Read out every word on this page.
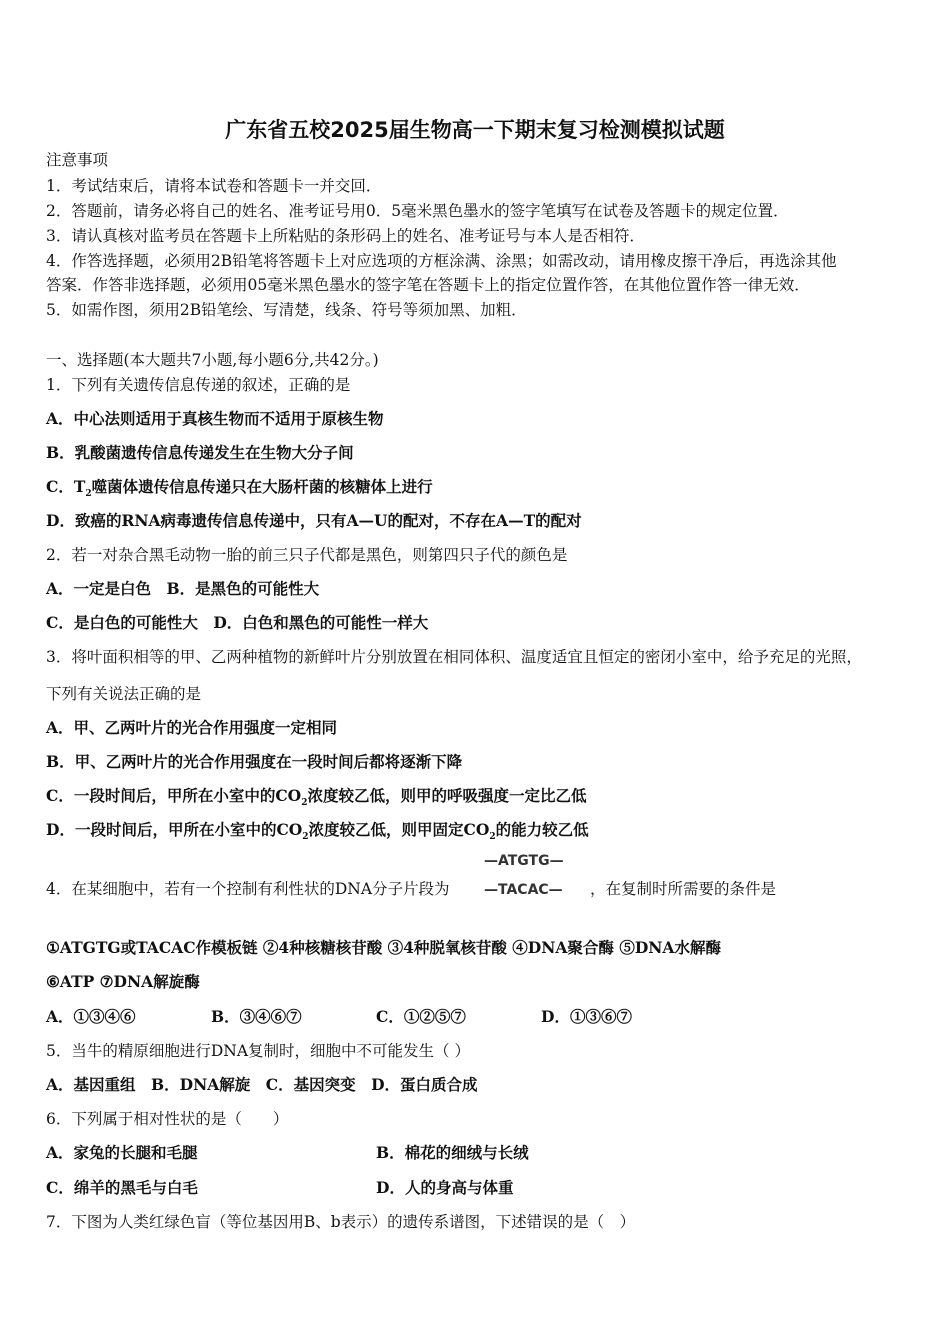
广东省五校2025届生物高一下期末复习检测模拟试题
注意事项
1．考试结束后，请将本试卷和答题卡一并交回．
2．答题前，请务必将自己的姓名、准考证号用0．5毫米黑色墨水的签字笔填写在试卷及答题卡的规定位置．
3．请认真核对监考员在答题卡上所粘贴的条形码上的姓名、准考证号与本人是否相符．
4．作答选择题，必须用2B铅笔将答题卡上对应选项的方框涂满、涂黑；如需改动，请用橡皮擦干净后，再选涂其他
答案．作答非选择题，必须用05毫米黑色墨水的签字笔在答题卡上的指定位置作答，在其他位置作答一律无效．
5．如需作图，须用2B铅笔绘、写清楚，线条、符号等须加黑、加粗．
一、选择题(本大题共7小题,每小题6分,共42分。)
1．下列有关遗传信息传递的叙述，正确的是
A．中心法则适用于真核生物而不适用于原核生物
B．乳酸菌遗传信息传递发生在生物大分子间
C．$T_2$噬菌体遗传信息传递只在大肠杆菌的核糖体上进行
D．致癌的RNA病毒遗传信息传递中，只有A—U的配对，不存在A—T的配对
2．若一对杂合黑毛动物一胎的前三只子代都是黑色，则第四只子代的颜色是
A．一定是白色　B．是黑色的可能性大
C．是白色的可能性大　D．白色和黑色的可能性一样大
3．将叶面积相等的甲、乙两种植物的新鲜叶片分别放置在相同体积、温度适宜且恒定的密闭小室中，给予充足的光照，
下列有关说法正确的是
A．甲、乙两叶片的光合作用强度一定相同
B．甲、乙两叶片的光合作用强度在一段时间后都将逐渐下降
C．一段时间后，甲所在小室中的$CO_2$浓度较乙低，则甲的呼吸强度一定比乙低
D．一段时间后，甲所在小室中的$CO_2$浓度较乙低，则甲固定$CO_2$的能力较乙低
—ATGTG—
4．在某细胞中，若有一个控制有利性状的DNA分子片段为	—TACAC— ，在复制时所需要的条件是
①ATGTG或TACAC作模板链 ②4种核糖核苷酸 ③4种脱氧核苷酸 ④DNA聚合酶 ⑤DNA水解酶
⑥ATP ⑦DNA解旋酶
A．①③④⑥	B．③④⑥⑦	C．①②⑤⑦	D．①③⑥⑦
5．当牛的精原细胞进行DNA复制时，细胞中不可能发生（ ）
A．基因重组　B．DNA解旋　C．基因突变　D．蛋白质合成
6．下列属于相对性状的是（　　）
A．家兔的长腿和毛腿	B．棉花的细绒与长绒
C．绵羊的黑毛与白毛	D．人的身高与体重
7．下图为人类红绿色盲（等位基因用B、b表示）的遗传系谱图，下述错误的是（　）
